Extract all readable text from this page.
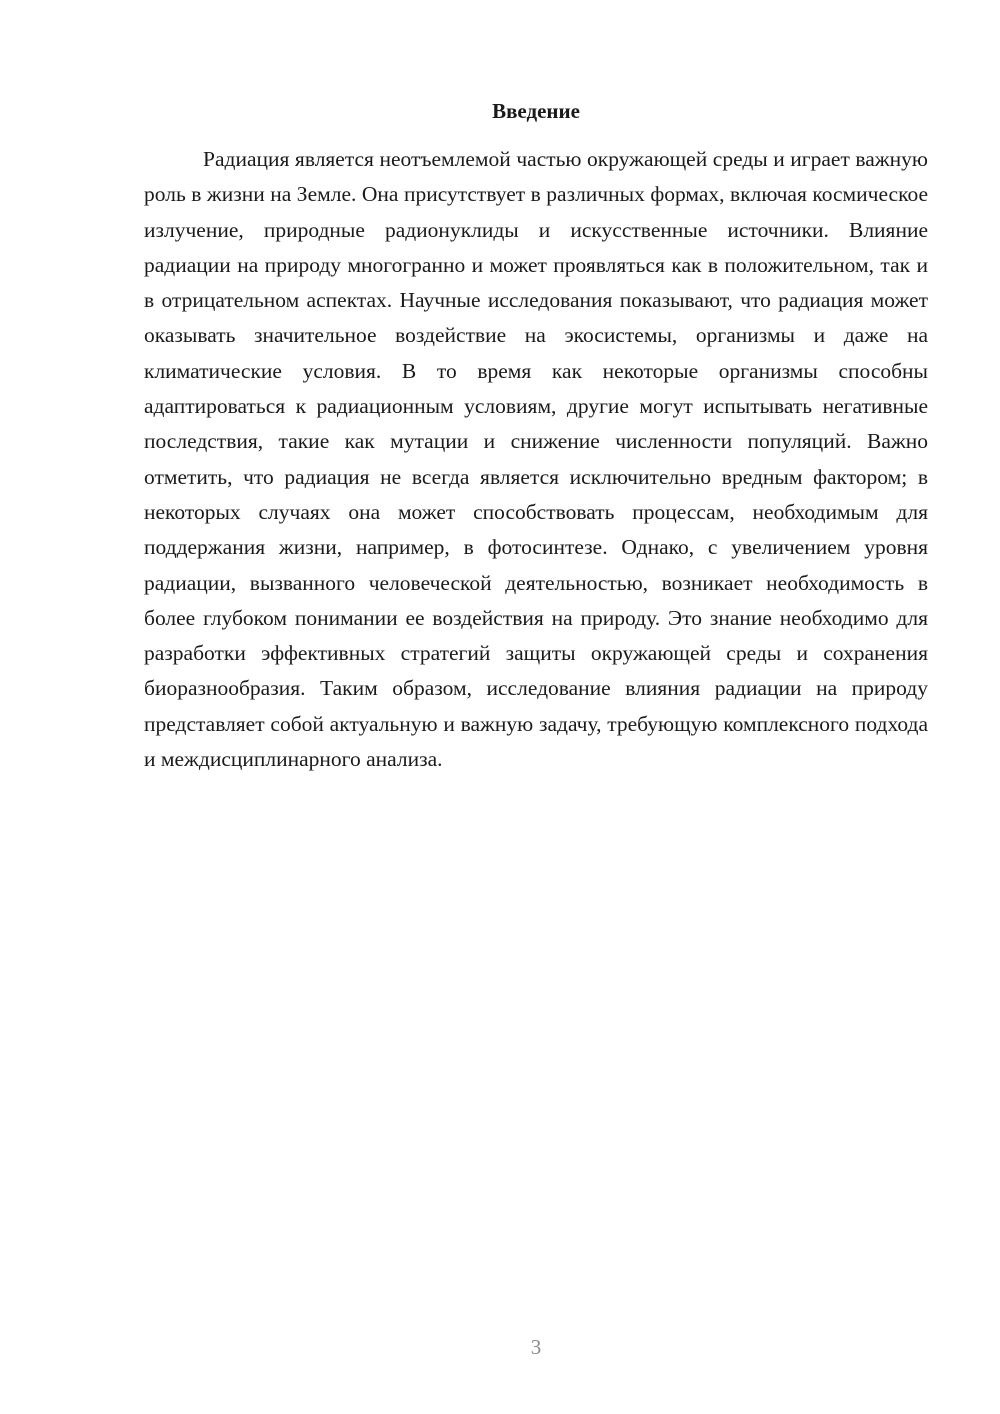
Введение

Радиация является неотъемлемой частью окружающей среды и играет важную роль в жизни на Земле. Она присутствует в различных формах, включая космическое излучение, природные радионуклиды и искусственные источники. Влияние радиации на природу многогранно и может проявляться как в положительном, так и в отрицательном аспектах. Научные исследования показывают, что радиация может оказывать значительное воздействие на экосистемы, организмы и даже на климатические условия. В то время как некоторые организмы способны адаптироваться к радиационным условиям, другие могут испытывать негативные последствия, такие как мутации и снижение численности популяций. Важно отметить, что радиация не всегда является исключительно вредным фактором; в некоторых случаях она может способствовать процессам, необходимым для поддержания жизни, например, в фотосинтезе. Однако, с увеличением уровня радиации, вызванного человеческой деятельностью, возникает необходимость в более глубоком понимании ее воздействия на природу. Это знание необходимо для разработки эффективных стратегий защиты окружающей среды и сохранения биоразнообразия. Таким образом, исследование влияния радиации на природу представляет собой актуальную и важную задачу, требующую комплексного подхода и междисциплинарного анализа.

3
